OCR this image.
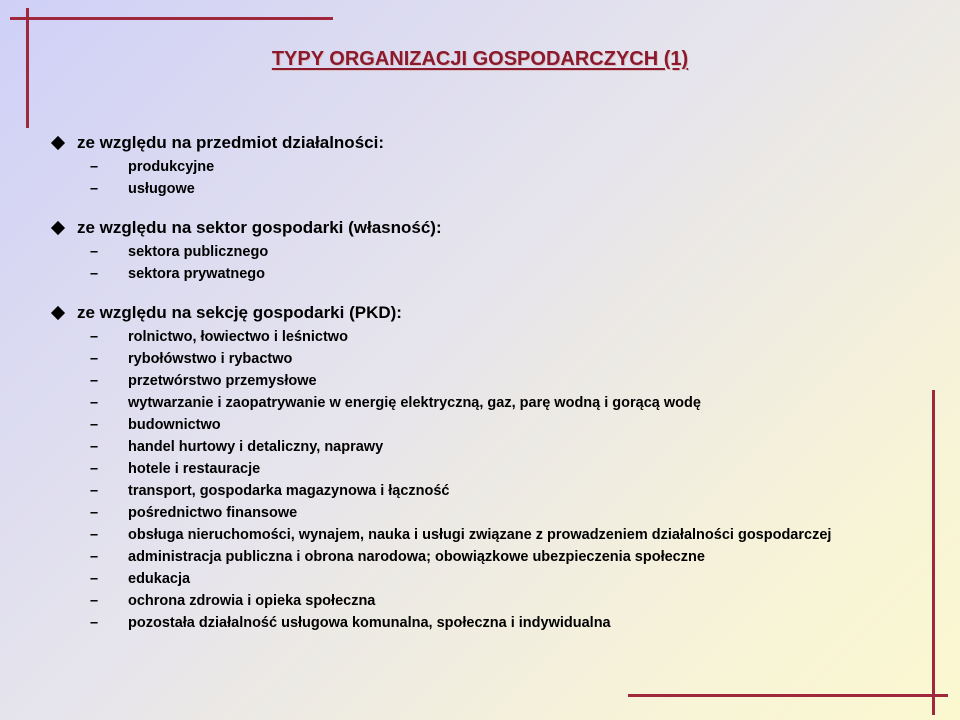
TYPY ORGANIZACJI GOSPODARCZYCH (1)
ze względu na przedmiot działalności:
– produkcyjne
– usługowe
ze względu na sektor gospodarki (własność):
– sektora publicznego
– sektora prywatnego
ze względu na sekcję gospodarki (PKD):
– rolnictwo, łowiectwo i leśnictwo
– rybołówstwo i rybactwo
– przetwórstwo przemysłowe
– wytwarzanie i zaopatrywanie w energię elektryczną, gaz, parę wodną i gorącą wodę
– budownictwo
– handel hurtowy i detaliczny, naprawy
– hotele i restauracje
– transport, gospodarka magazynowa i łączność
– pośrednictwo finansowe
– obsługa nieruchomości, wynajem, nauka i usługi związane z prowadzeniem działalności gospodarczej
– administracja publiczna i obrona narodowa; obowiązkowe ubezpieczenia społeczne
– edukacja
– ochrona zdrowia i opieka społeczna
– pozostała działalność usługowa komunalna, społeczna i indywidualna
